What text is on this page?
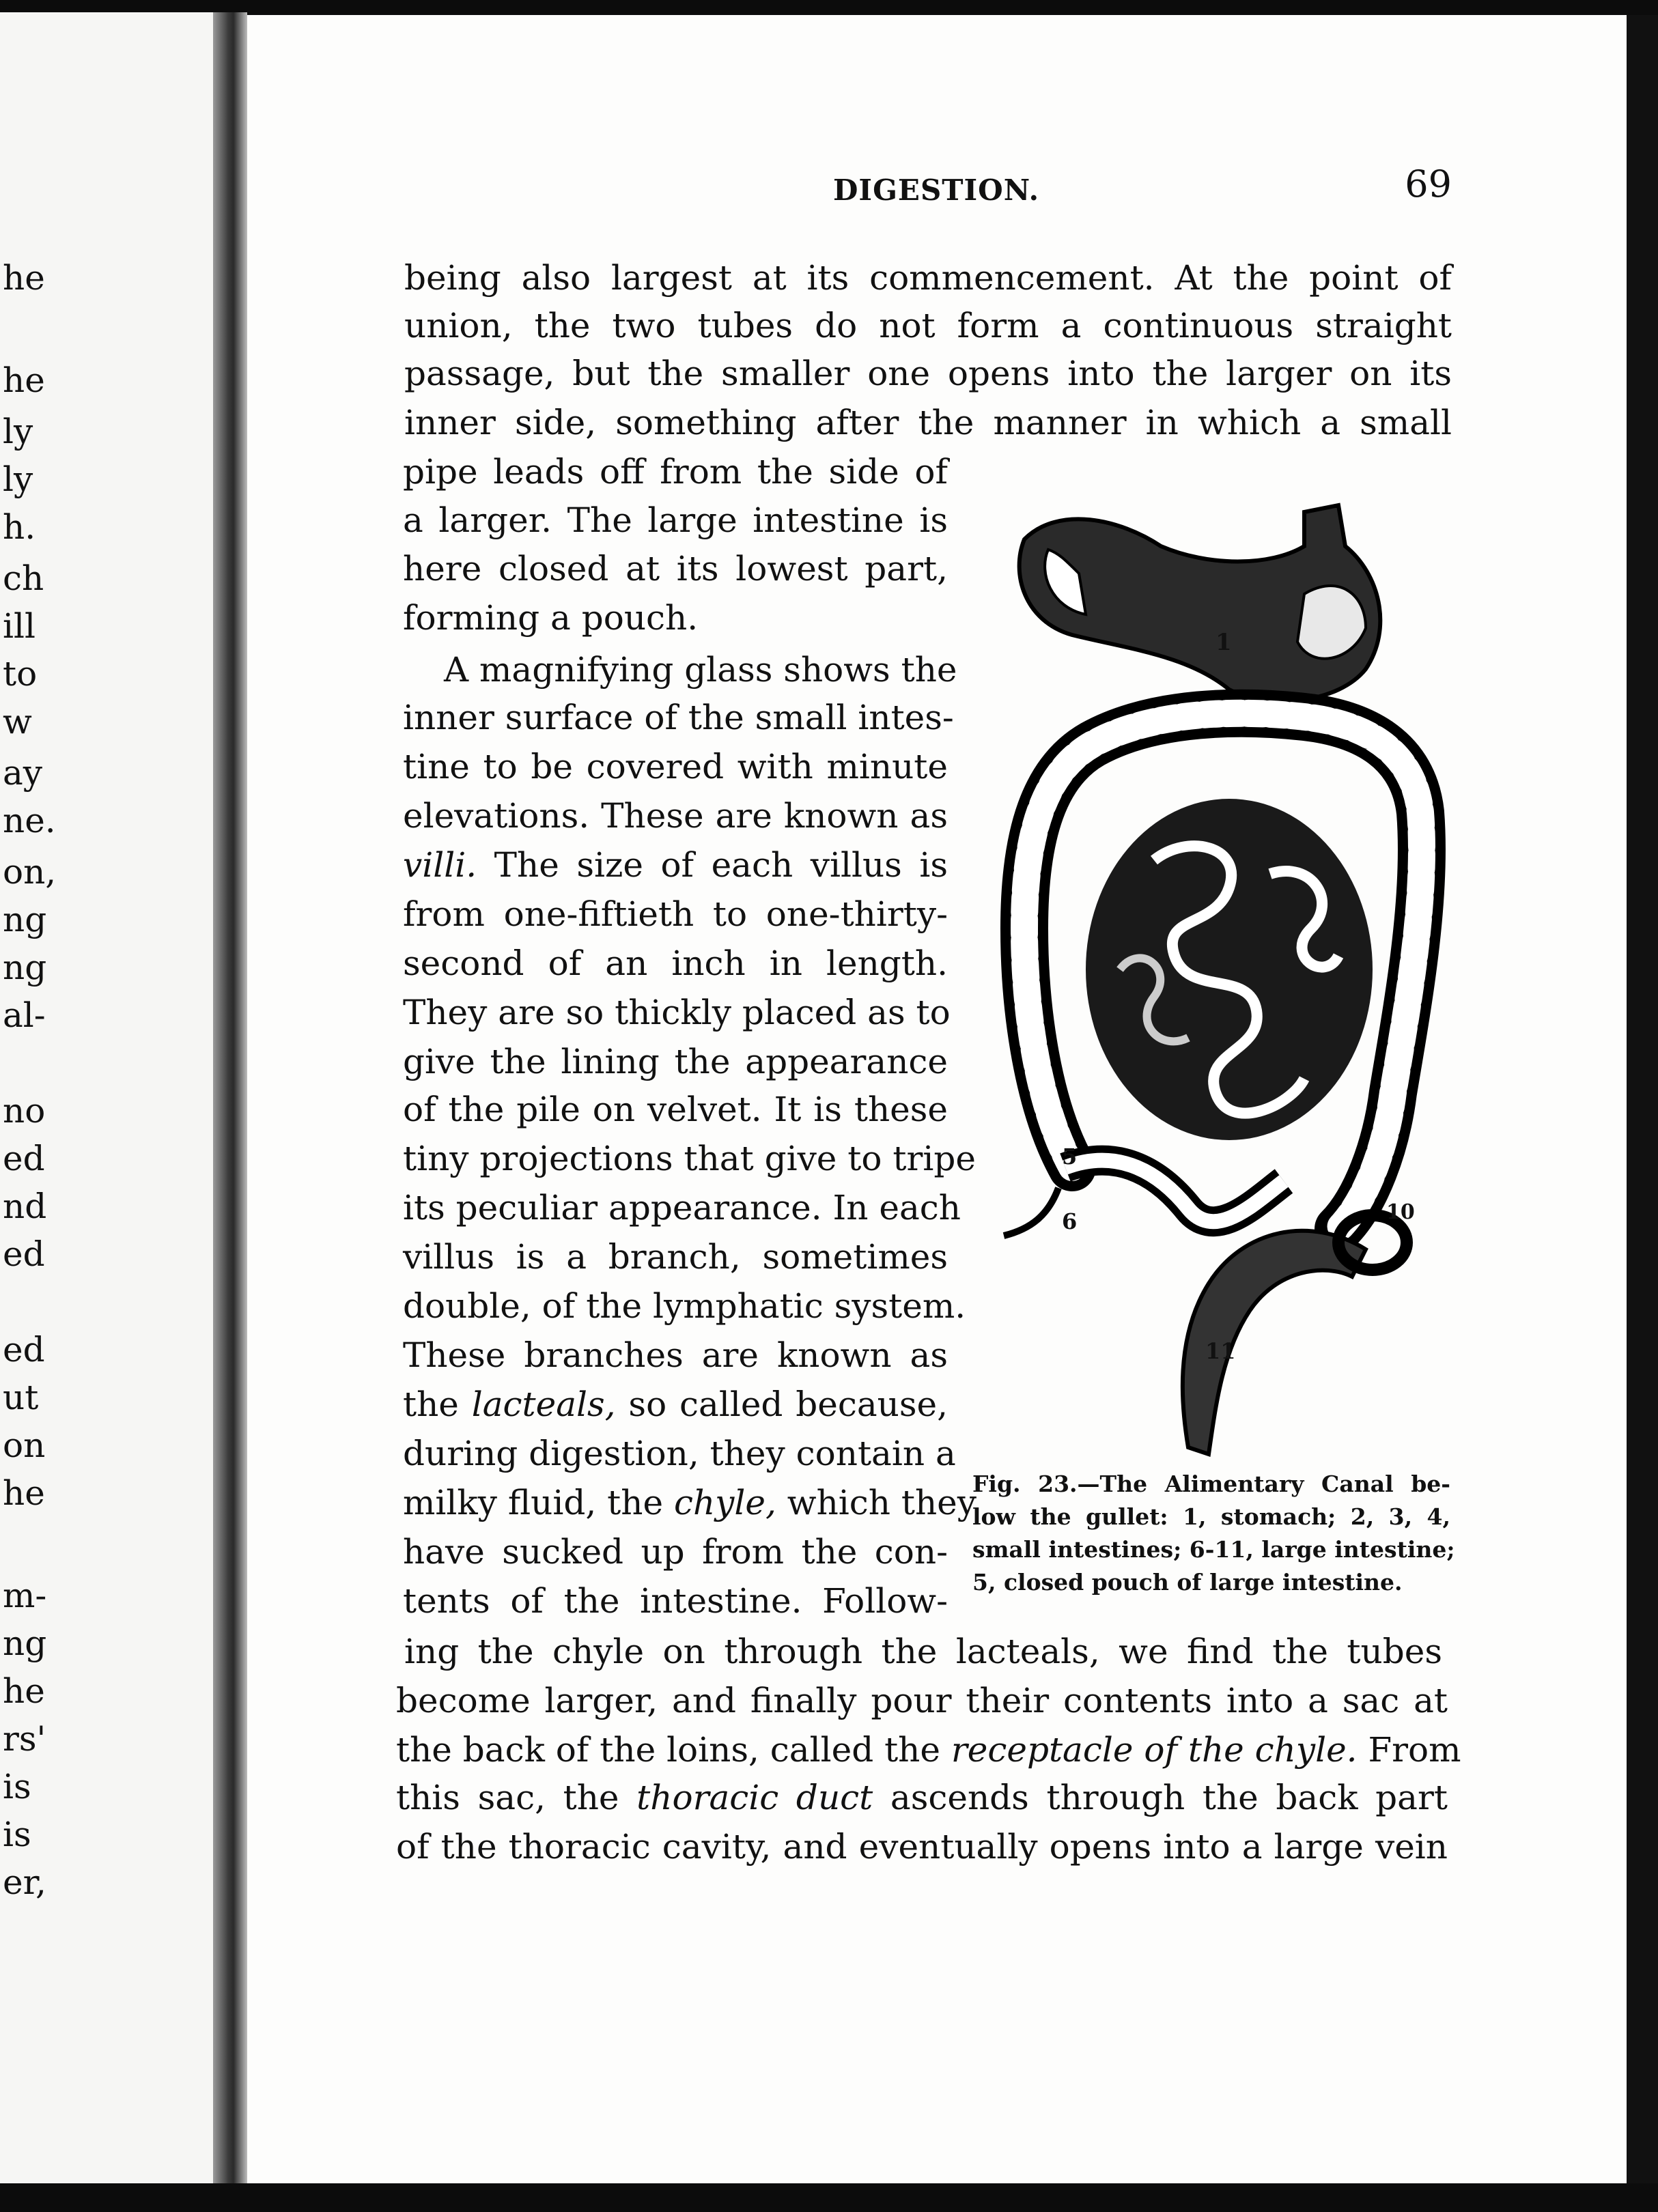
he
he
ly
ly
h.
ch
ill
to
w
ay
ne.
on,
ng
ng
al-
no
ed
nd
ed
ed
ut
on
he
m-
ng
he
rs'
is
is
er,
DIGESTION.	69
being also largest at its commencement. At the point of
union, the two tubes do not form a continuous straight
passage, but the smaller one opens into the larger on its
inner side, something after the manner in which a small
pipe leads off from the side of
a larger. The large intestine is
here closed at its lowest part,
forming a pouch.
A magnifying glass shows the
inner surface of the small intes-
tine to be covered with minute
elevations. These are known as
villi. The size of each villus is
from one-fiftieth to one-thirty-
second of an inch in length.
They are so thickly placed as to
give the lining the appearance
of the pile on velvet. It is these
tiny projections that give to tripe
its peculiar appearance. In each
villus is a branch, sometimes
double, of the lymphatic system.
These branches are known as
the lacteals, so called because,
during digestion, they contain a
milky fluid, the chyle, which they
have sucked up from the con-
tents of the intestine. Follow-
ing the chyle on through the lacteals, we find the tubes
become larger, and finally pour their contents into a sac at
the back of the loins, called the receptacle of the chyle. From
this sac, the thoracic duct ascends through the back part
of the thoracic cavity, and eventually opens into a large vein
1
11
5
6	10
Fig. 23.—The Alimentary Canal be-
low the gullet: 1, stomach; 2, 3, 4,
small intestines; 6-11, large intestine;
5, closed pouch of large intestine.
